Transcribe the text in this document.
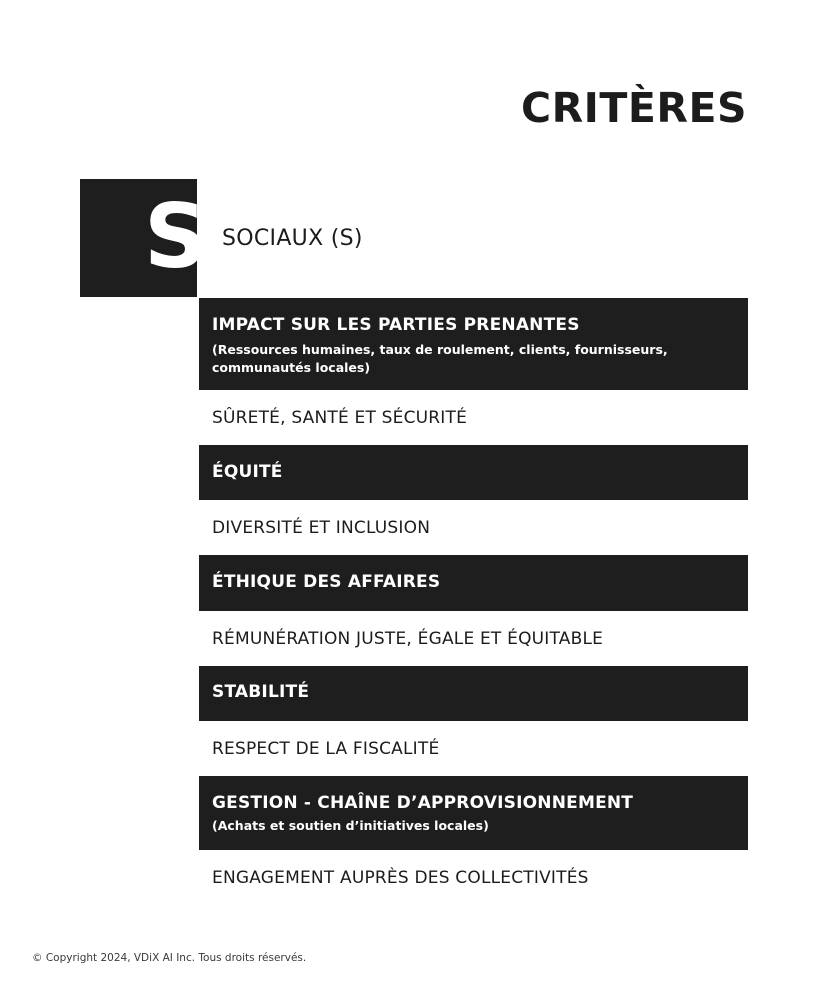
CRITÈRES
S SOCIAUX (S)
IMPACT SUR LES PARTIES PRENANTES
(Ressources humaines, taux de roulement, clients, fournisseurs, communautés locales)
SÛRETÉ, SANTÉ ET SÉCURITÉ
ÉQUITÉ
DIVERSITÉ ET INCLUSION
ÉTHIQUE DES AFFAIRES
RÉMUNÉRATION JUSTE, ÉGALE ET ÉQUITABLE
STABILITÉ
RESPECT DE LA FISCALITÉ
GESTION - CHAÎNE D’APPROVISIONNEMENT
(Achats et soutien d’initiatives locales)
ENGAGEMENT AUPRÈS DES COLLECTIVITÉS
© Copyright 2024, VDiX AI Inc. Tous droits réservés.
